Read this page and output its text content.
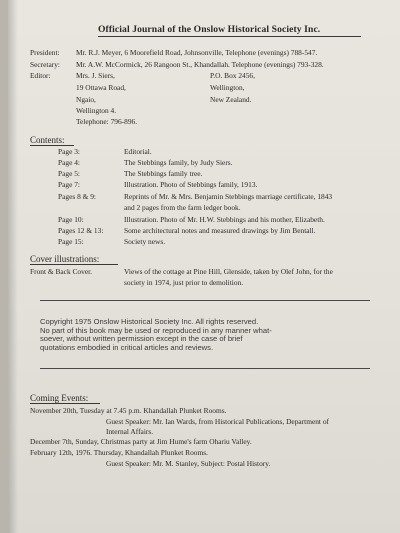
Official Journal of the Onslow Historical Society Inc.
President: Mr. R.J. Meyer, 6 Moorefield Road, Johnsonville, Telephone (evenings) 788-547.
Secretary: Mr. A.W. McCormick, 26 Rangoon St., Khandallah. Telephone (evenings) 793-328.
Editor:	Mrs. J. Siers,
19 Ottawa Road,
Ngaio,
Wellington 4.
Telephone: 796-896.
P.O. Box 2456,
Wellington,
New Zealand.
Contents:
Page 3:	Editorial.
Page 4:	The Stebbings family, by Judy Siers.
Page 5:	The Stebbings family tree.
Page 7:	Illustration. Photo of Stebbings family, 1913.
Pages 8 & 9:	Reprints of Mr. & Mrs. Benjamin Stebbings marriage certificate, 1843
and 2 pages from the farm ledger book.
Page 10:	Illustration. Photo of Mr. H.W. Stebbings and his mother, Elizabeth.
Pages 12 & 13:	Some architectural notes and measured drawings by Jim Bentall.
Page 15:	Society news.
Cover illustrations:
Front & Back Cover.	Views of the cottage at Pine Hill, Glenside, taken by Olef John, for the
society in 1974, just prior to demolition.
Copyright 1975 Onslow Historical Society Inc. All rights reserved.
No part of this book may be used or reproduced in any manner what-
soever, without written permission except in the case of brief
quotations embodied in critical articles and reviews.
Coming Events:
November 20th, Tuesday at 7.45 p.m. Khandallah Plunket Rooms.
Guest Speaker: Mr. Ian Wards, from Historical Publications, Department of
Internal Affairs.
December 7th, Sunday, Christmas party at Jim Hume's farm Ohariu Valley.
February 12th, 1976. Thursday, Khandallah Plunket Rooms.
Guest Speaker: Mr. M. Stanley, Subject: Postal History.
